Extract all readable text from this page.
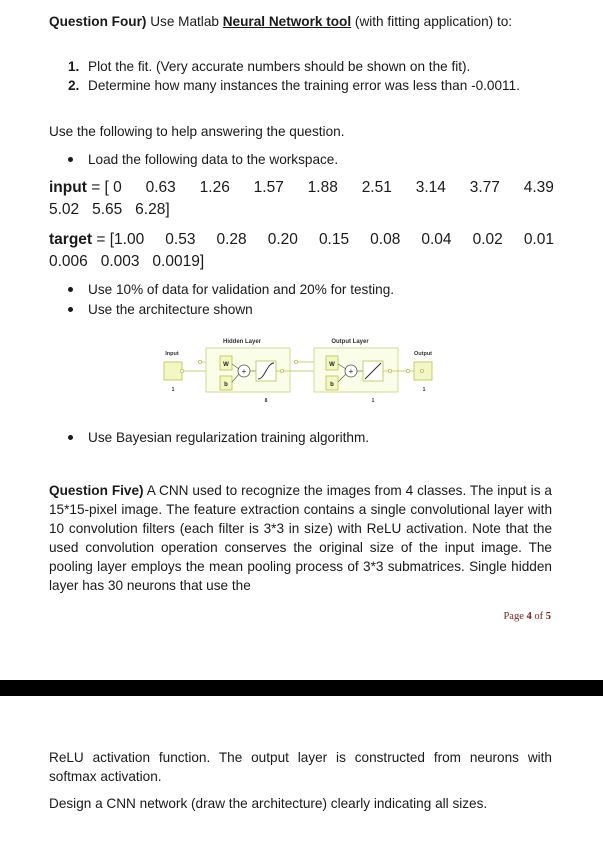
Question Four) Use Matlab Neural Network tool (with fitting application) to:
1. Plot the fit. (Very accurate numbers should be shown on the fit).
2. Determine how many instances the training error was less than -0.0011.
Use the following to help answering the question.
Load the following data to the workspace.
input = [ 0 0.63 1.26 1.57 1.88 2.51 3.14 3.77 4.39
5.02   5.65   6.28]
target = [1.00 0.53 0.28 0.20 0.15 0.08 0.04 0.02 0.01
0.006   0.003   0.0019]
Use 10% of data for validation and 20% for testing.
Use the architecture shown
Hidden Layer	Output Layer
Input	Output
1
W
b
+
8
W
b
+
1
1
Use Bayesian regularization training algorithm.
Question Five) A CNN used to recognize the images from 4 classes. The input is a 15*15-pixel image. The feature extraction contains a single convolutional layer with 10 convolution filters (each filter is 3*3 in size) with ReLU activation. Note that the used convolution operation conserves the original size of the input image. The pooling layer employs the mean pooling process of 3*3 submatrices. Single hidden layer has 30 neurons that use the
Page 4 of 5
ReLU activation function. The output layer is constructed from neurons with softmax activation.
Design a CNN network (draw the architecture) clearly indicating all sizes.
